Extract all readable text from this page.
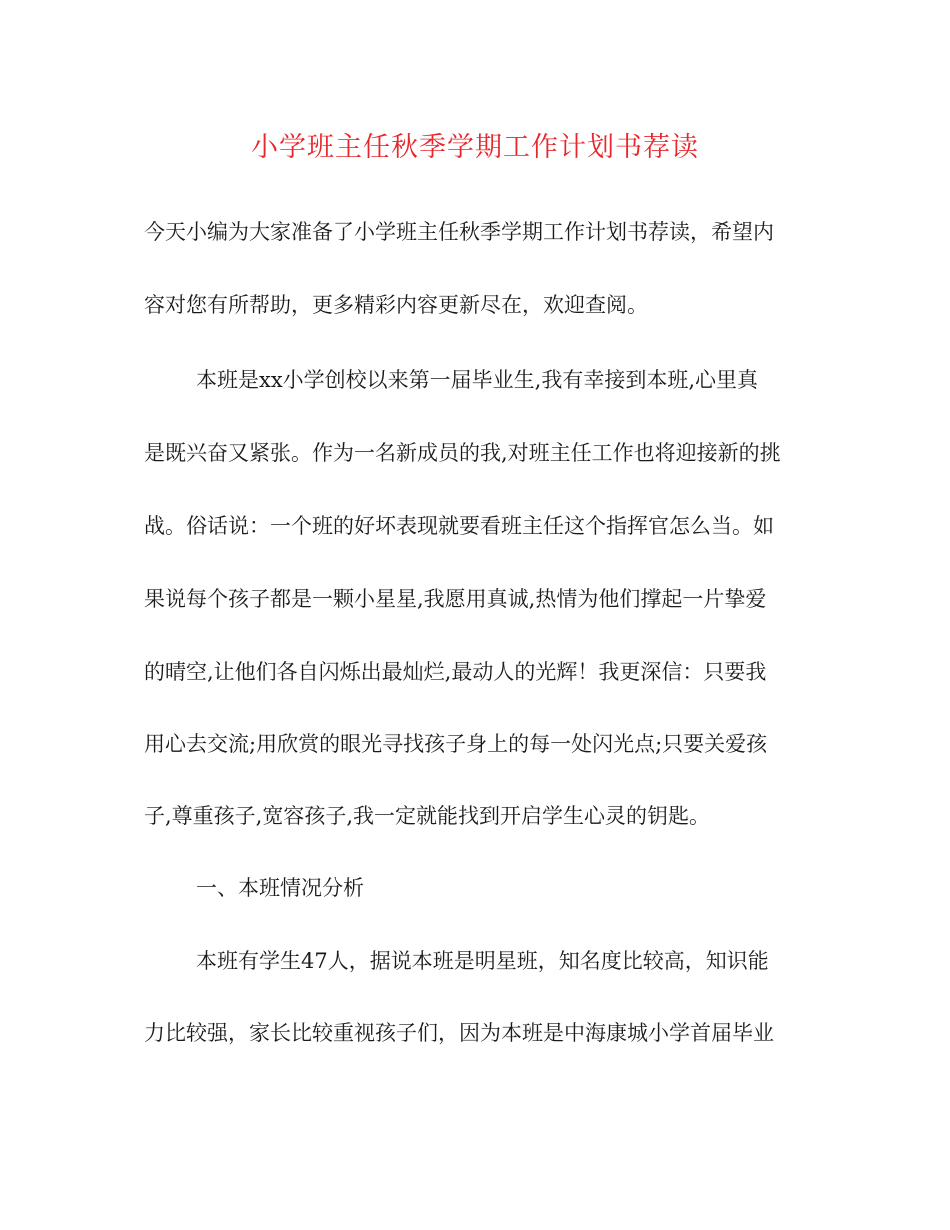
小学班主任秋季学期工作计划书荐读
今天小编为大家准备了小学班主任秋季学期工作计划书荐读，希望内
容对您有所帮助，更多精彩内容更新尽在，欢迎查阅。
本班是xx小学创校以来第一届毕业生,我有幸接到本班,心里真
是既兴奋又紧张。作为一名新成员的我,对班主任工作也将迎接新的挑
战。俗话说：一个班的好坏表现就要看班主任这个指挥官怎么当。如
果说每个孩子都是一颗小星星,我愿用真诚,热情为他们撑起一片挚爱
的晴空,让他们各自闪烁出最灿烂,最动人的光辉！我更深信：只要我
用心去交流;用欣赏的眼光寻找孩子身上的每一处闪光点;只要关爱孩
子,尊重孩子,宽容孩子,我一定就能找到开启学生心灵的钥匙。
一、本班情况分析
本班有学生47人，据说本班是明星班，知名度比较高，知识能
力比较强，家长比较重视孩子们，因为本班是中海康城小学首届毕业
